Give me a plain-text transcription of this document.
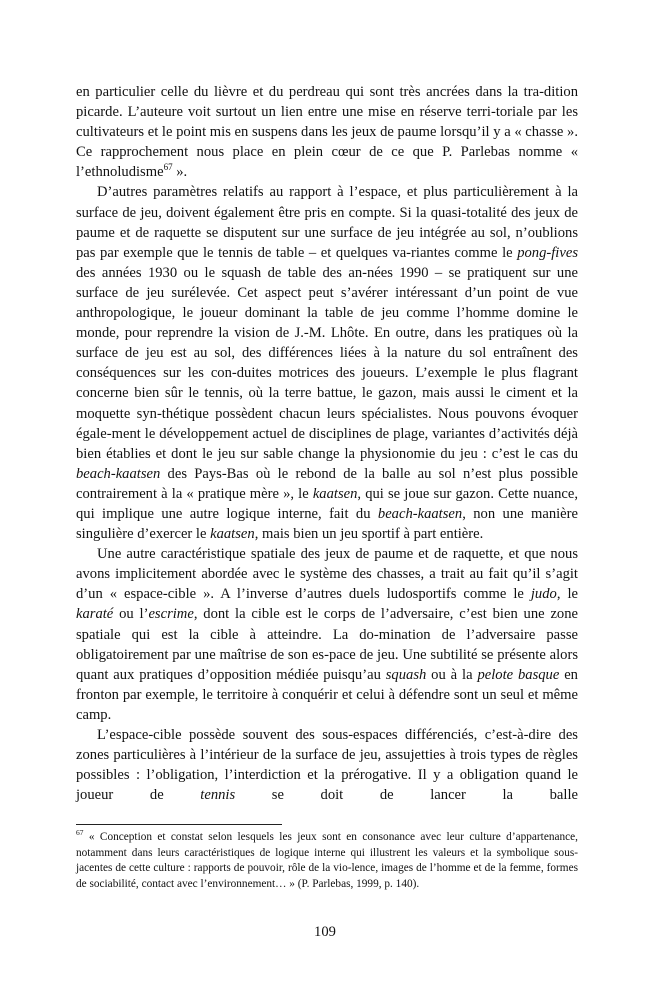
en particulier celle du lièvre et du perdreau qui sont très ancrées dans la tra-dition picarde. L’auteure voit surtout un lien entre une mise en réserve terri-toriale par les cultivateurs et le point mis en suspens dans les jeux de paume lorsqu’il y a « chasse ». Ce rapprochement nous place en plein cœur de ce que P. Parlebas nomme « l’ethnoludisme$^{67}$ ».

D’autres paramètres relatifs au rapport à l’espace, et plus particulièrement à la surface de jeu, doivent également être pris en compte. Si la quasi-totalité des jeux de paume et de raquette se disputent sur une surface de jeu intégrée au sol, n’oublions pas par exemple que le tennis de table – et quelques va-riantes comme le pong-fives des années 1930 ou le squash de table des an-nées 1990 – se pratiquent sur une surface de jeu surélevée. Cet aspect peut s’avérer intéressant d’un point de vue anthropologique, le joueur dominant la table de jeu comme l’homme domine le monde, pour reprendre la vision de J.-M. Lhôte. En outre, dans les pratiques où la surface de jeu est au sol, des différences liées à la nature du sol entraînent des conséquences sur les con-duites motrices des joueurs. L’exemple le plus flagrant concerne bien sûr le tennis, où la terre battue, le gazon, mais aussi le ciment et la moquette syn-thétique possèdent chacun leurs spécialistes. Nous pouvons évoquer égale-ment le développement actuel de disciplines de plage, variantes d’activités déjà bien établies et dont le jeu sur sable change la physionomie du jeu : c’est le cas du beach-kaatsen des Pays-Bas où le rebond de la balle au sol n’est plus possible contrairement à la « pratique mère », le kaatsen, qui se joue sur gazon. Cette nuance, qui implique une autre logique interne, fait du beach-kaatsen, non une manière singulière d’exercer le kaatsen, mais bien un jeu sportif à part entière.

Une autre caractéristique spatiale des jeux de paume et de raquette, et que nous avons implicitement abordée avec le système des chasses, a trait au fait qu’il s’agit d’un « espace-cible ». A l’inverse d’autres duels ludosportifs comme le judo, le karaté ou l’escrime, dont la cible est le corps de l’adversaire, c’est bien une zone spatiale qui est la cible à atteindre. La do-mination de l’adversaire passe obligatoirement par une maîtrise de son es-pace de jeu. Une subtilité se présente alors quant aux pratiques d’opposition médiée puisqu’au squash ou à la pelote basque en fronton par exemple, le territoire à conquérir et celui à défendre sont un seul et même camp.

L’espace-cible possède souvent des sous-espaces différenciés, c’est-à-dire des zones particulières à l’intérieur de la surface de jeu, assujetties à trois types de règles possibles : l’obligation, l’interdiction et la prérogative. Il y a obligation quand le joueur de tennis se doit de lancer la balle

$^{67}$ « Conception et constat selon lesquels les jeux sont en consonance avec leur culture d’appartenance, notamment dans leurs caractéristiques de logique interne qui illustrent les valeurs et la symbolique sous-jacentes de cette culture : rapports de pouvoir, rôle de la vio-lence, images de l’homme et de la femme, formes de sociabilité, contact avec l’environnement… » (P. Parlebas, 1999, p. 140).
109
